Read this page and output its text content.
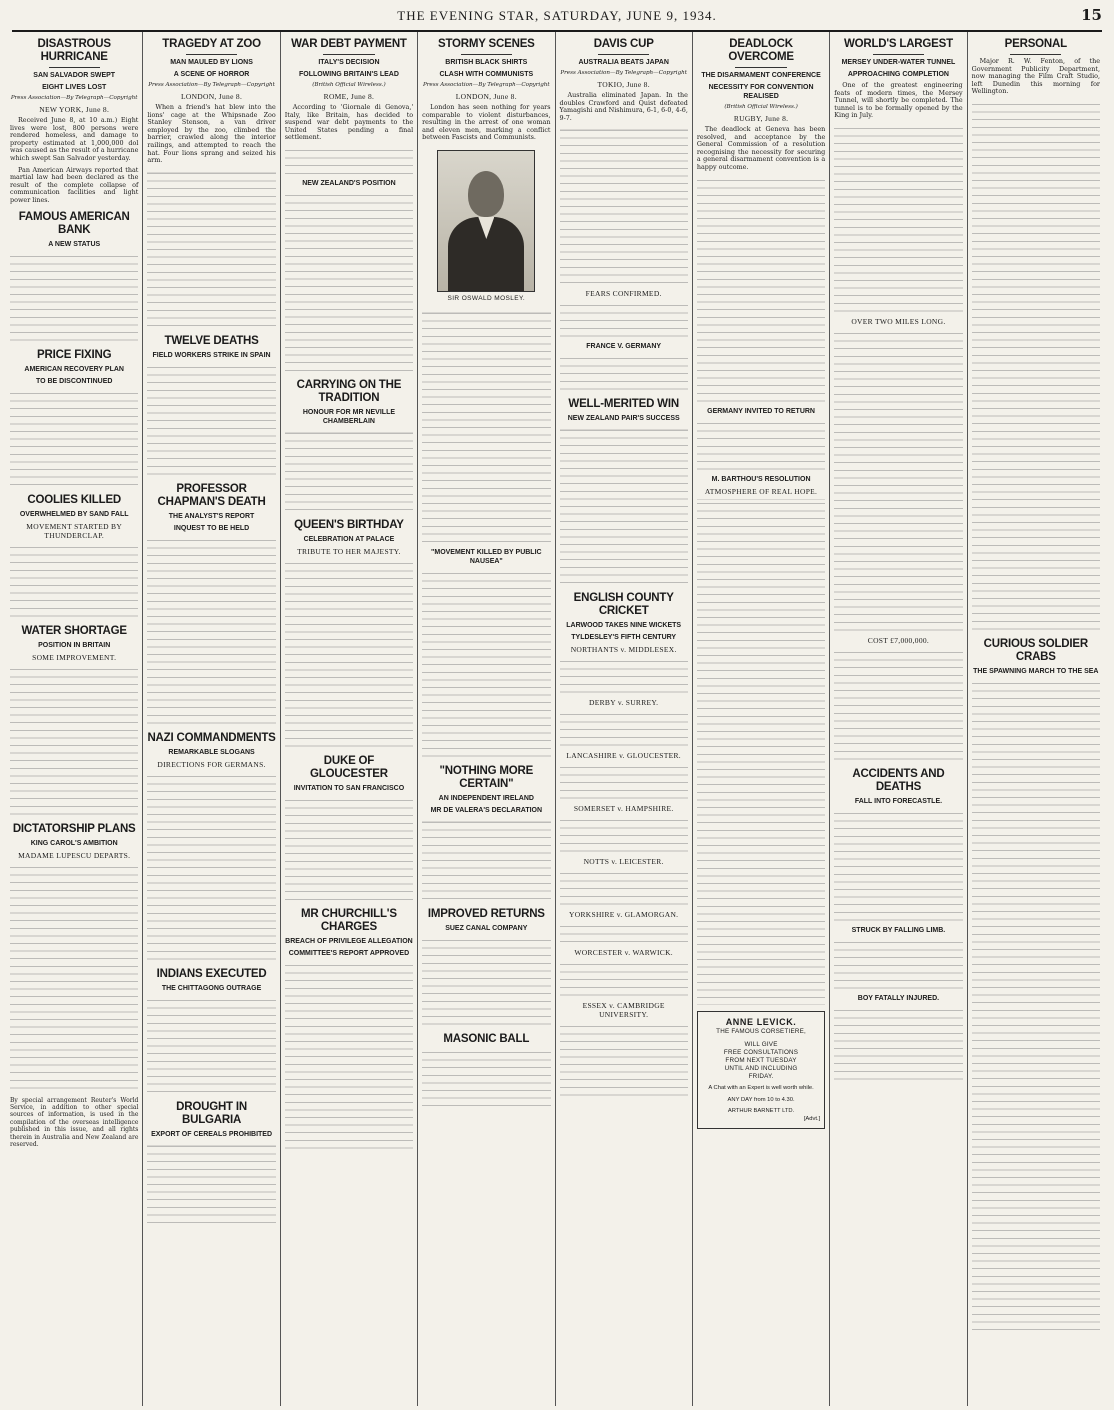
THE EVENING STAR, SATURDAY, JUNE 9, 1934.	15
DISASTROUS HURRICANE
SAN SALVADOR SWEPT
EIGHT LIVES LOST
Press Association—By Telegraph—Copyright
NEW YORK, June 8.

Received June 8, at 10 a.m.) Eight lives were lost, 800 persons were rendered homeless, and damage to property estimated at 1,000,000 dol was caused as the result of a hurricane which swept San Salvador yesterday.

Pan American Airways reported that martial law had been declared as the result of the complete collapse of communication facilities and light power lines.

FAMOUS AMERICAN BANK
A NEW STATUS
PRICE FIXING
AMERICAN RECOVERY PLAN
TO BE DISCONTINUED
COOLIES KILLED
OVERWHELMED BY SAND FALL
MOVEMENT STARTED BY THUNDERCLAP.
WATER SHORTAGE
POSITION IN BRITAIN
SOME IMPROVEMENT.
DICTATORSHIP PLANS
KING CAROL'S AMBITION
MADAME LUPESCU DEPARTS.

By special arrangement Reuter's World Service, in addition to other special sources of information, is used in the compilation of the overseas intelligence published in this issue, and all rights therein in Australia and New Zealand are reserved.

TRAGEDY AT ZOO
MAN MAULED BY LIONS
A SCENE OF HORROR
Press Association—By Telegraph—Copyright
LONDON, June 8.

When a friend's hat blew into the lions' cage at the Whipsnade Zoo Stanley Stenson, a van driver employed by the zoo, climbed the barrier, crawled along the interior railings, and attempted to reach the hat. Four lions sprang and seized his arm.

TWELVE DEATHS
FIELD WORKERS STRIKE IN SPAIN
PROFESSOR CHAPMAN'S DEATH
THE ANALYST'S REPORT
INQUEST TO BE HELD
NAZI COMMANDMENTS
REMARKABLE SLOGANS
DIRECTIONS FOR GERMANS.
INDIANS EXECUTED
THE CHITTAGONG OUTRAGE
DROUGHT IN BULGARIA
EXPORT OF CEREALS PROHIBITED
WAR DEBT PAYMENT
ITALY'S DECISION
FOLLOWING BRITAIN'S LEAD
(British Official Wireless.)
ROME, June 8.

According to 'Giornale di Genova,' Italy, like Britain, has decided to suspend war debt payments to the United States pending a final settlement.

NEW ZEALAND'S POSITION
CARRYING ON THE TRADITION
HONOUR FOR MR NEVILLE CHAMBERLAIN
QUEEN'S BIRTHDAY
CELEBRATION AT PALACE
TRIBUTE TO HER MAJESTY.
DUKE OF GLOUCESTER
INVITATION TO SAN FRANCISCO
MR CHURCHILL'S CHARGES
BREACH OF PRIVILEGE ALLEGATION
COMMITTEE'S REPORT APPROVED
STORMY SCENES
BRITISH BLACK SHIRTS
CLASH WITH COMMUNISTS
Press Association—By Telegraph—Copyright
LONDON, June 8.

London has seen nothing for years comparable to violent disturbances, resulting in the arrest of one woman and eleven men, marking a conflict between Fascists and Communists.

SIR OSWALD MOSLEY.
"MOVEMENT KILLED BY PUBLIC NAUSEA"
"NOTHING MORE CERTAIN"
AN INDEPENDENT IRELAND
MR DE VALERA'S DECLARATION
IMPROVED RETURNS
SUEZ CANAL COMPANY
MASONIC BALL
DAVIS CUP
AUSTRALIA BEATS JAPAN
Press Association—By Telegraph—Copyright
TOKIO, June 8.

Australia eliminated Japan. In the doubles Crawford and Quist defeated Yamagishi and Nishimura, 6-1, 6-0, 4-6, 9-7.

FEARS CONFIRMED.
FRANCE V. GERMANY
WELL-MERITED WIN
NEW ZEALAND PAIR'S SUCCESS
ENGLISH COUNTY CRICKET
LARWOOD TAKES NINE WICKETS
TYLDESLEY'S FIFTH CENTURY
NORTHANTS v. MIDDLESEX.
DERBY v. SURREY.
LANCASHIRE v. GLOUCESTER.
SOMERSET v. HAMPSHIRE.
NOTTS v. LEICESTER.
YORKSHIRE v. GLAMORGAN.
WORCESTER v. WARWICK.
ESSEX v. CAMBRIDGE UNIVERSITY.
DEADLOCK OVERCOME
THE DISARMAMENT CONFERENCE
NECESSITY FOR CONVENTION REALISED
(British Official Wireless.)
RUGBY, June 8.

The deadlock at Geneva has been resolved, and acceptance by the General Commission of a resolution recognising the necessity for securing a general disarmament convention is a happy outcome.

GERMANY INVITED TO RETURN
M. BARTHOU'S RESOLUTION
ATMOSPHERE OF REAL HOPE.
ANNE LEVICK.
THE FAMOUS CORSETIERE,
WILL GIVE
FREE CONSULTATIONS
FROM NEXT TUESDAY
UNTIL AND INCLUDING
FRIDAY.
A Chat with an Expert is well worth while.
ANY DAY from 10 to 4.30.
ARTHUR BARNETT LTD.
[Advt.]
WORLD'S LARGEST
MERSEY UNDER-WATER TUNNEL
APPROACHING COMPLETION

One of the greatest engineering feats of modern times, the Mersey Tunnel, will shortly be completed. The tunnel is to be formally opened by the King in July.

OVER TWO MILES LONG.
COST £7,000,000.
ACCIDENTS AND DEATHS
FALL INTO FORECASTLE.
STRUCK BY FALLING LIMB.
BOY FATALLY INJURED.
PERSONAL

Major R. W. Fenton, of the Government Publicity Department, now managing the Film Craft Studio, left Dunedin this morning for Wellington.

CURIOUS SOLDIER CRABS
THE SPAWNING MARCH TO THE SEA
